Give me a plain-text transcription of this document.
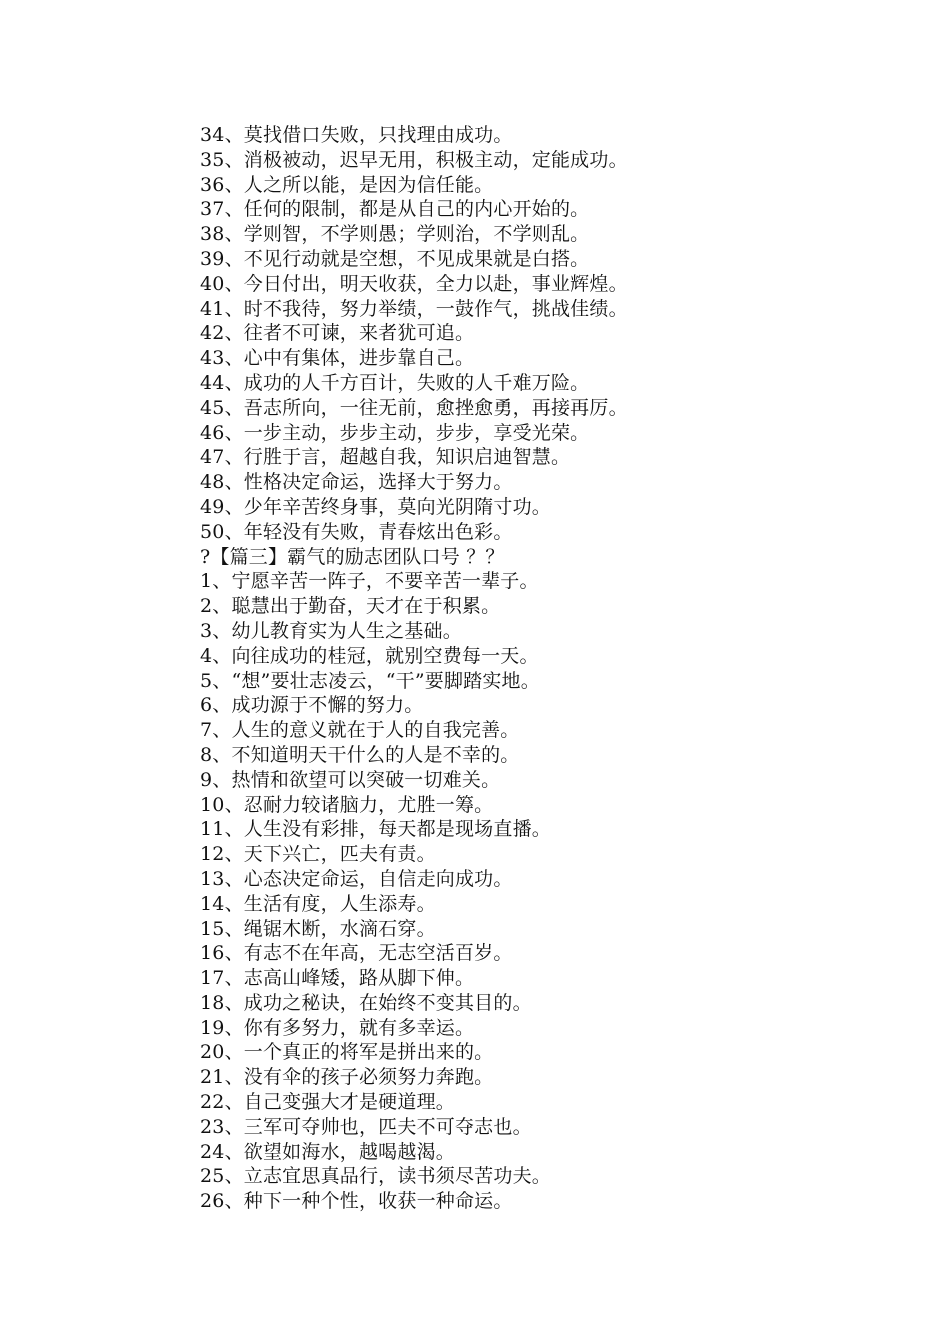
34、莫找借口失败，只找理由成功。
35、消极被动，迟早无用，积极主动，定能成功。
36、人之所以能，是因为信任能。
37、任何的限制，都是从自己的内心开始的。
38、学则智，不学则愚；学则治，不学则乱。
39、不见行动就是空想，不见成果就是白搭。
40、今日付出，明天收获，全力以赴，事业辉煌。
41、时不我待，努力举绩，一鼓作气，挑战佳绩。
42、往者不可谏，来者犹可追。
43、心中有集体，进步靠自己。
44、成功的人千方百计，失败的人千难万险。
45、吾志所向，一往无前，愈挫愈勇，再接再厉。
46、一步主动，步步主动，步步，享受光荣。
47、行胜于言，超越自我，知识启迪智慧。
48、性格决定命运，选择大于努力。
49、少年辛苦终身事，莫向光阴隋寸功。
50、年轻没有失败，青春炫出色彩。
?【篇三】霸气的励志团队口号 ？？
1、宁愿辛苦一阵子，不要辛苦一辈子。
2、聪慧出于勤奋，天才在于积累。
3、幼儿教育实为人生之基础。
4、向往成功的桂冠，就别空费每一天。
5、“想”要壮志凌云，“干”要脚踏实地。
6、成功源于不懈的努力。
7、人生的意义就在于人的自我完善。
8、不知道明天干什么的人是不幸的。
9、热情和欲望可以突破一切难关。
10、忍耐力较诸脑力，尤胜一筹。
11、人生没有彩排，每天都是现场直播。
12、天下兴亡，匹夫有责。
13、心态决定命运，自信走向成功。
14、生活有度，人生添寿。
15、绳锯木断，水滴石穿。
16、有志不在年高，无志空活百岁。
17、志高山峰矮，路从脚下伸。
18、成功之秘诀，在始终不变其目的。
19、你有多努力，就有多幸运。
20、一个真正的将军是拼出来的。
21、没有伞的孩子必须努力奔跑。
22、自己变强大才是硬道理。
23、三军可夺帅也，匹夫不可夺志也。
24、欲望如海水，越喝越渴。
25、立志宜思真品行，读书须尽苦功夫。
26、种下一种个性，收获一种命运。
